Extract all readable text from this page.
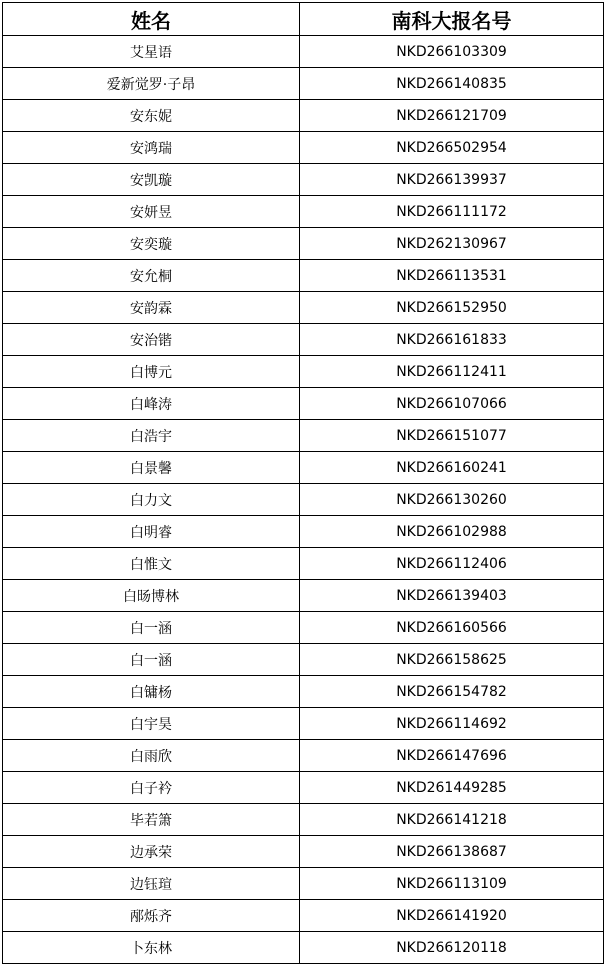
姓名	南科大报名号
艾星语	NKD266103309
爱新觉罗·子昂	NKD266140835
安东妮	NKD266121709
安鸿瑞	NKD266502954
安凯璇	NKD266139937
安妍昱	NKD266111172
安奕璇	NKD262130967
安允桐	NKD266113531
安韵霖	NKD266152950
安治锴	NKD266161833
白博元	NKD266112411
白峰涛	NKD266107066
白浩宇	NKD266151077
白景馨	NKD266160241
白力文	NKD266130260
白明睿	NKD266102988
白惟文	NKD266112406
白旸博林	NKD266139403
白一涵	NKD266160566
白一涵	NKD266158625
白镛杨	NKD266154782
白宇昊	NKD266114692
白雨欣	NKD266147696
白子衿	NKD261449285
毕若箫	NKD266141218
边承荣	NKD266138687
边钰瑄	NKD266113109
邴烁齐	NKD266141920
卜东林	NKD266120118
